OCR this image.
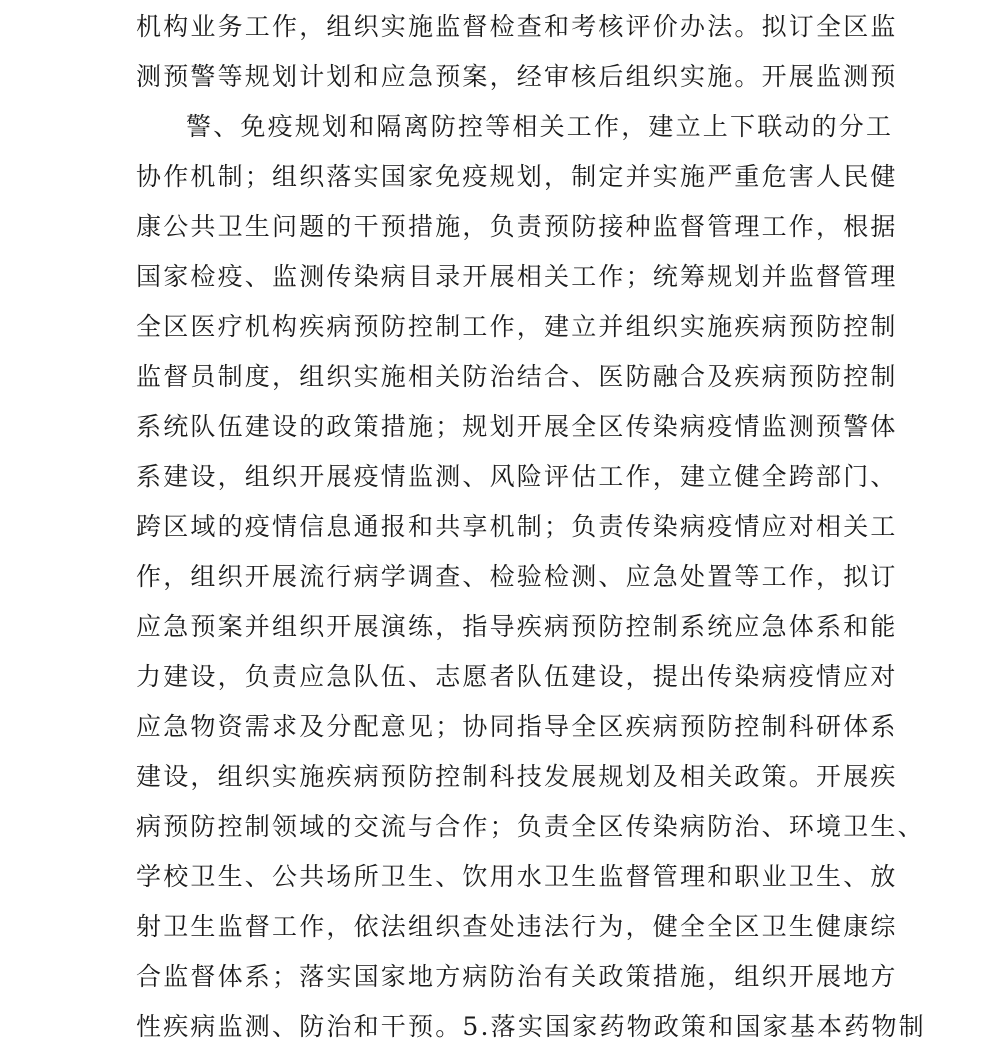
机构业务工作，组织实施监督检查和考核评价办法。拟订全区监
测预警等规划计划和应急预案，经审核后组织实施。开展监测预
警、免疫规划和隔离防控等相关工作，建立上下联动的分工
协作机制；组织落实国家免疫规划，制定并实施严重危害人民健
康公共卫生问题的干预措施，负责预防接种监督管理工作，根据
国家检疫、监测传染病目录开展相关工作；统筹规划并监督管理
全区医疗机构疾病预防控制工作，建立并组织实施疾病预防控制
监督员制度，组织实施相关防治结合、医防融合及疾病预防控制
系统队伍建设的政策措施；规划开展全区传染病疫情监测预警体
系建设，组织开展疫情监测、风险评估工作，建立健全跨部门、
跨区域的疫情信息通报和共享机制；负责传染病疫情应对相关工
作，组织开展流行病学调查、检验检测、应急处置等工作，拟订
应急预案并组织开展演练，指导疾病预防控制系统应急体系和能
力建设，负责应急队伍、志愿者队伍建设，提出传染病疫情应对
应急物资需求及分配意见；协同指导全区疾病预防控制科研体系
建设，组织实施疾病预防控制科技发展规划及相关政策。开展疾
病预防控制领域的交流与合作；负责全区传染病防治、环境卫生、
学校卫生、公共场所卫生、饮用水卫生监督管理和职业卫生、放
射卫生监督工作，依法组织查处违法行为，健全全区卫生健康综
合监督体系；落实国家地方病防治有关政策措施，组织开展地方
性疾病监测、防治和干预。5.落实国家药物政策和国家基本药物制
